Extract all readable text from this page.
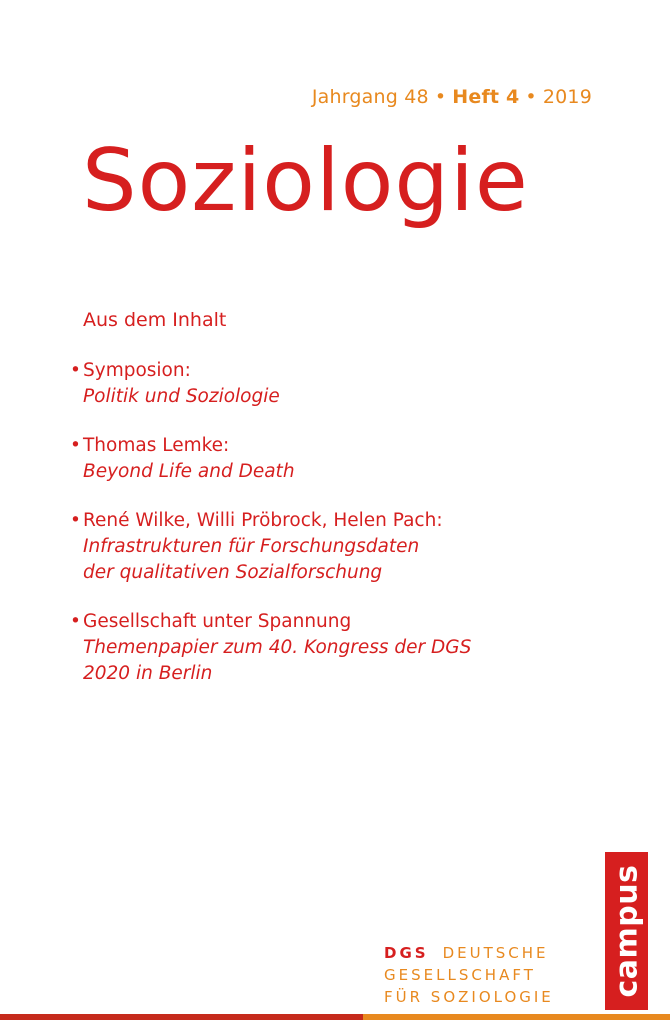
Jahrgang 48 • Heft 4 • 2019
Soziologie
Aus dem Inhalt
• Symposion:
Politik und Soziologie
• Thomas Lemke:
Beyond Life and Death
• René Wilke, Willi Pröbrock, Helen Pach:
Infrastrukturen für Forschungsdaten
der qualitativen Sozialforschung
• Gesellschaft unter Spannung
Themenpapier zum 40. Kongress der DGS
2020 in Berlin
DGS DEUTSCHE
GESELLSCHAFT
FÜR SOZIOLOGIE campus
